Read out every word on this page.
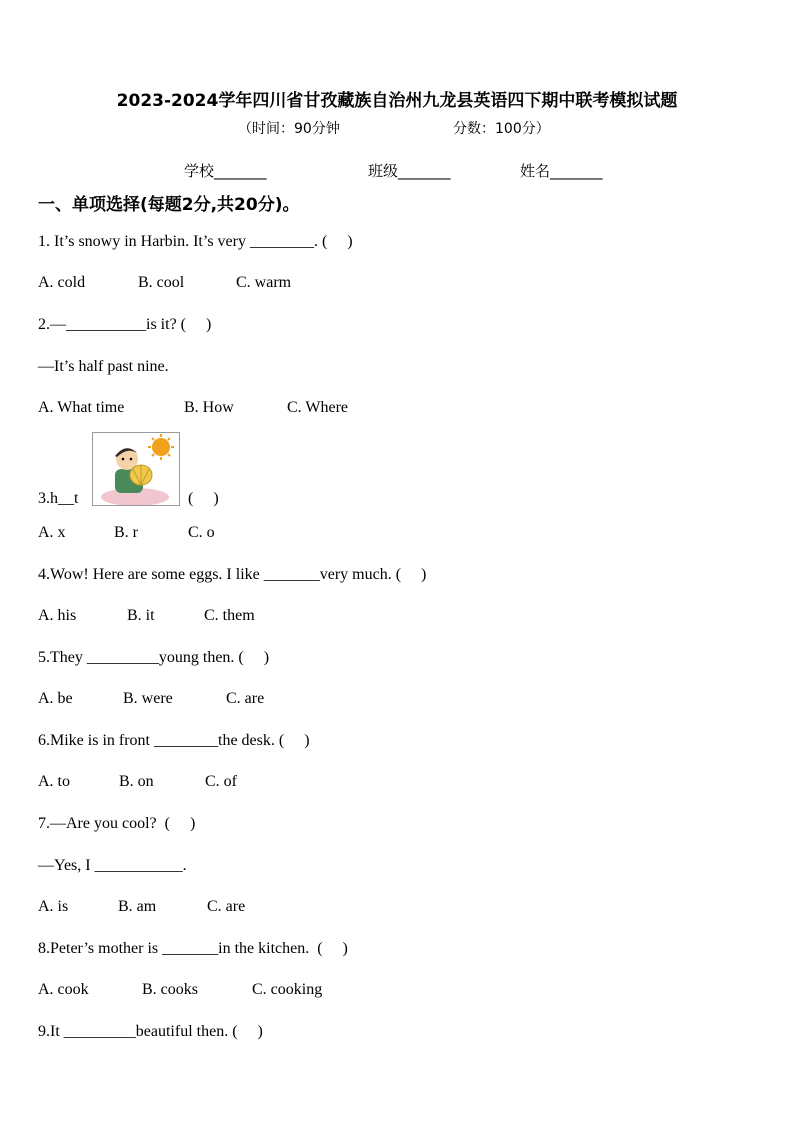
2023-2024学年四川省甘孜藏族自治州九龙县英语四下期中联考模拟试题
（时间：90分钟	分数：100分）
学校_______	班级_______	姓名_______
一、单项选择(每题2分,共20分)。
1. It’s snowy in Harbin. It’s very ________. (     )
A. cold	B. cool	C. warm
2.—__________is it? (     )
—It’s half past nine.
A. What time	B. How	C. Where
3.h__t	(     )
A. x	B. r	C. o
4.Wow! Here are some eggs. I like _______very much. (     )
A. his	B. it	C. them
5.They _________young then. (     )
A. be	B. were	C. are
6.Mike is in front ________the desk. (     )
A. to	B. on	C. of
7.—Are you cool?  (     )
—Yes, I ___________.
A. is	B. am	C. are
8.Peter’s mother is _______in the kitchen.  (     )
A. cook	B. cooks	C. cooking
9.It _________beautiful then. (     )
